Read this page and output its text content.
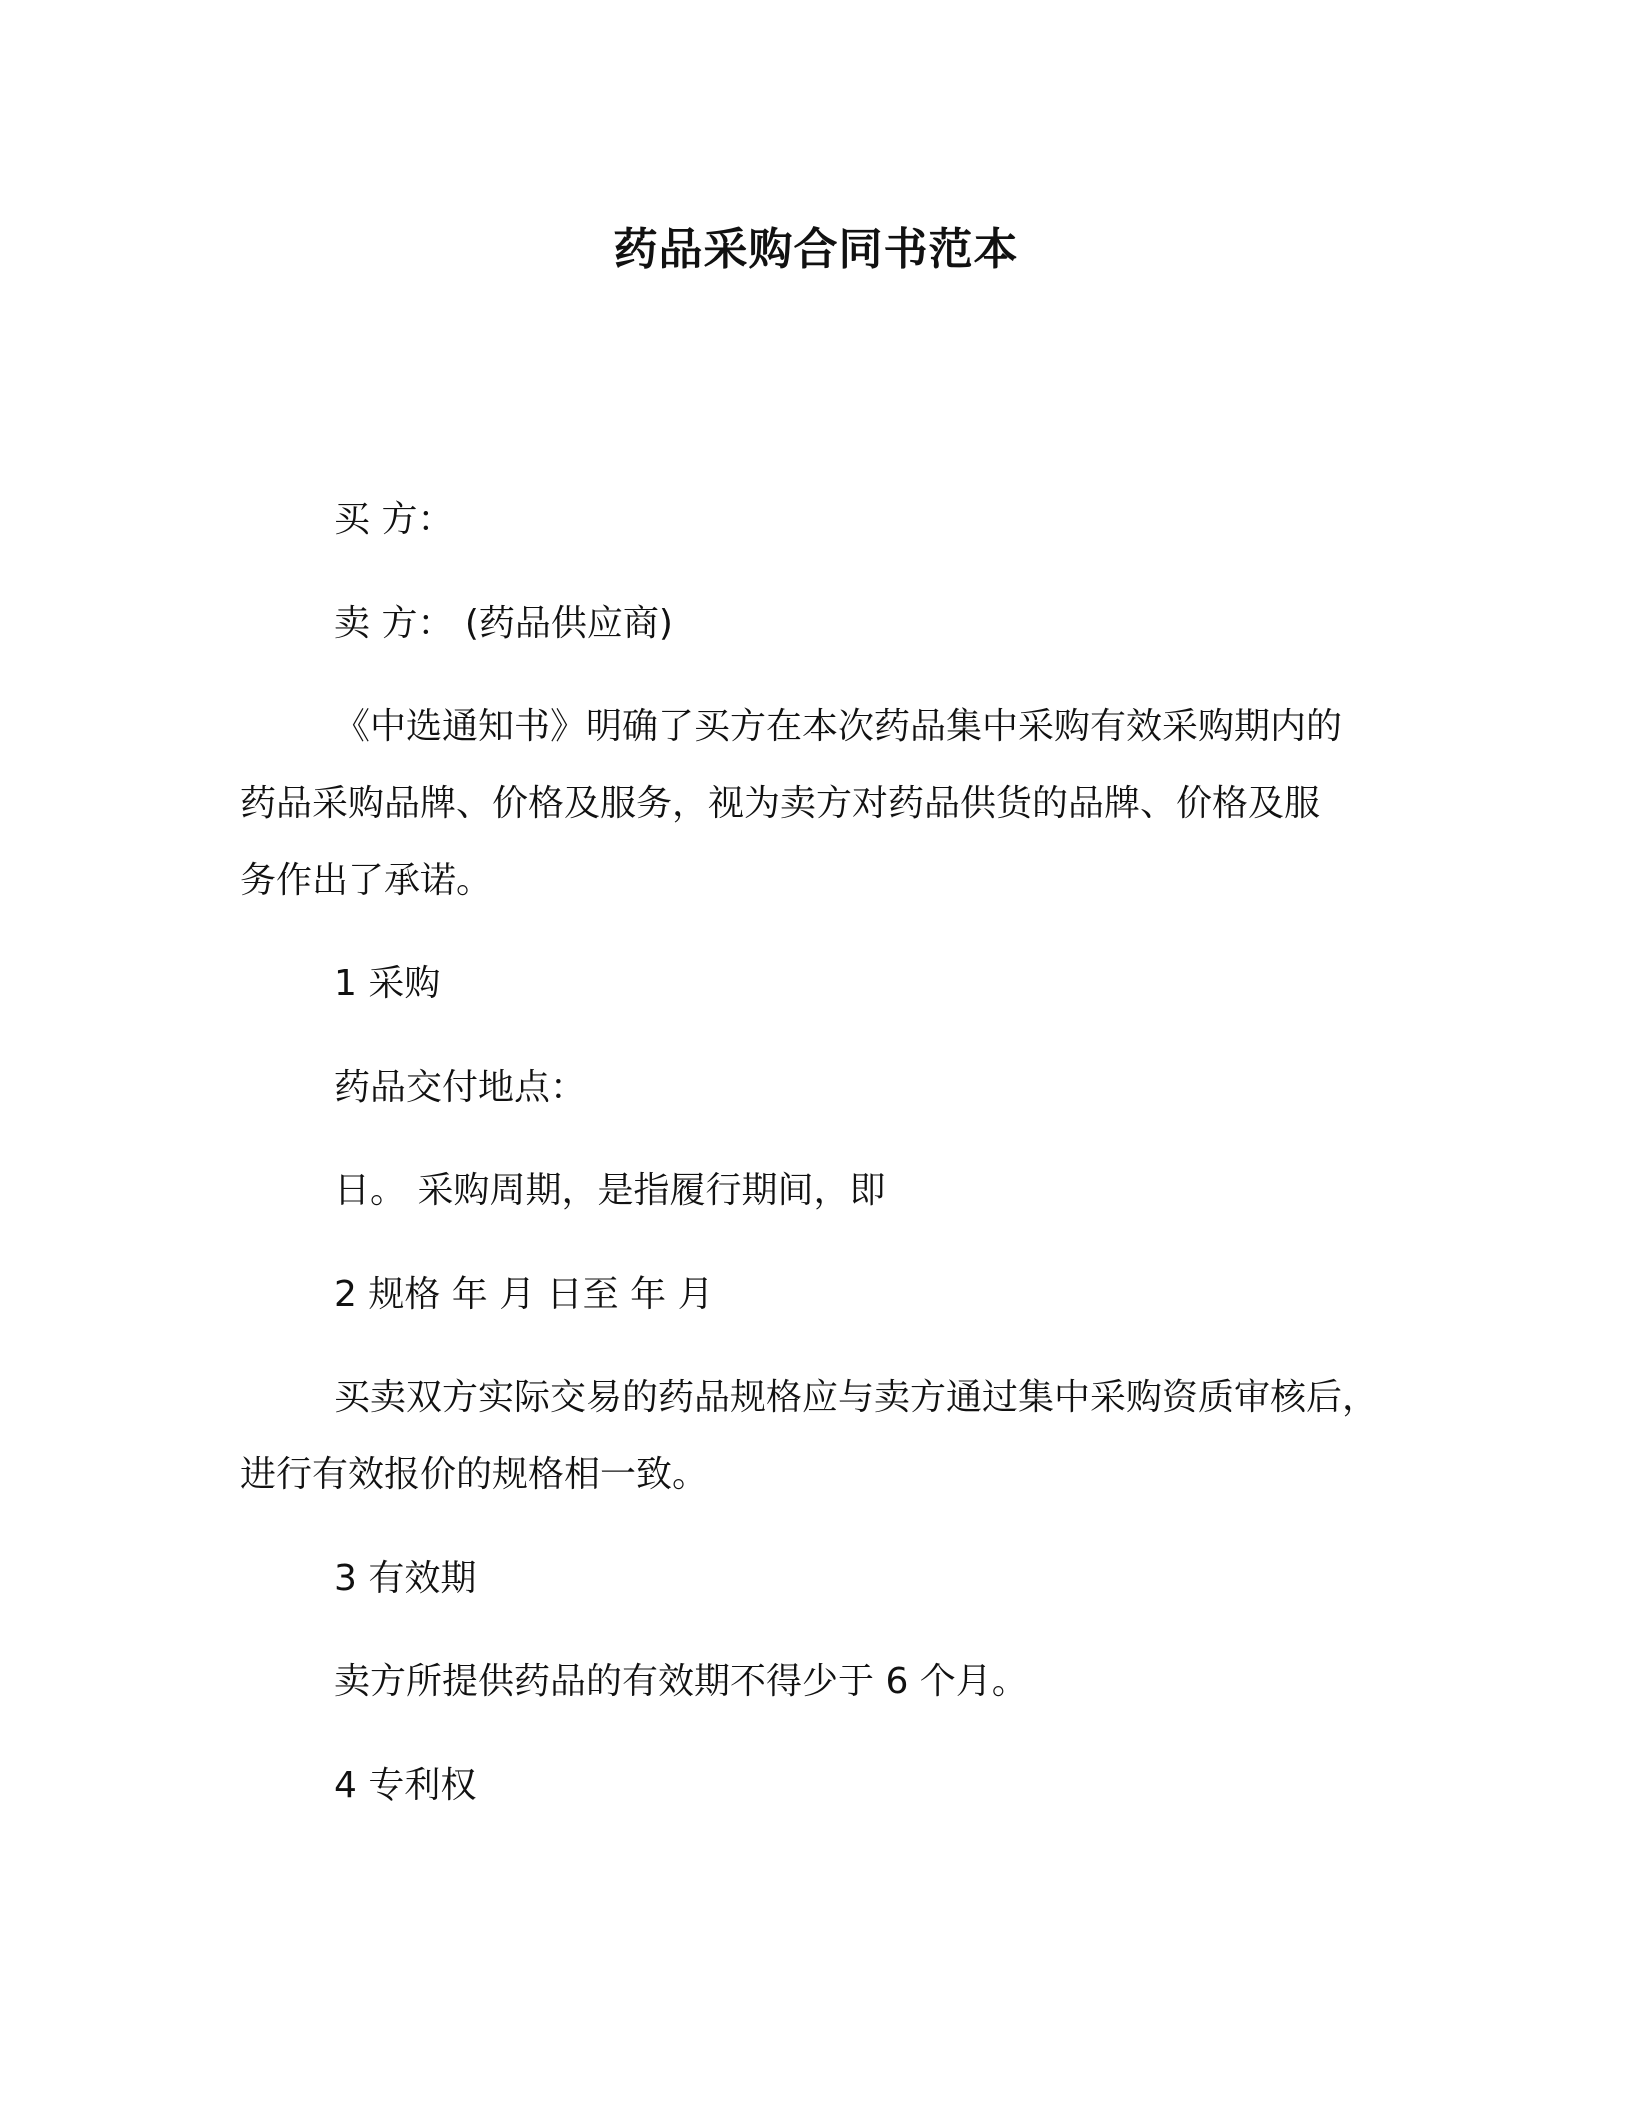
药品采购合同书范本
买 方：
卖 方： (药品供应商)
《中选通知书》明确了买方在本次药品集中采购有效采购期内的
药品采购品牌、价格及服务，视为卖方对药品供货的品牌、价格及服
务作出了承诺。
1 采购
药品交付地点：
日。 采购周期，是指履行期间，即
2 规格 年 月 日至 年 月
买卖双方实际交易的药品规格应与卖方通过集中采购资质审核后，
进行有效报价的规格相一致。
3 有效期
卖方所提供药品的有效期不得少于 6 个月。
4 专利权
